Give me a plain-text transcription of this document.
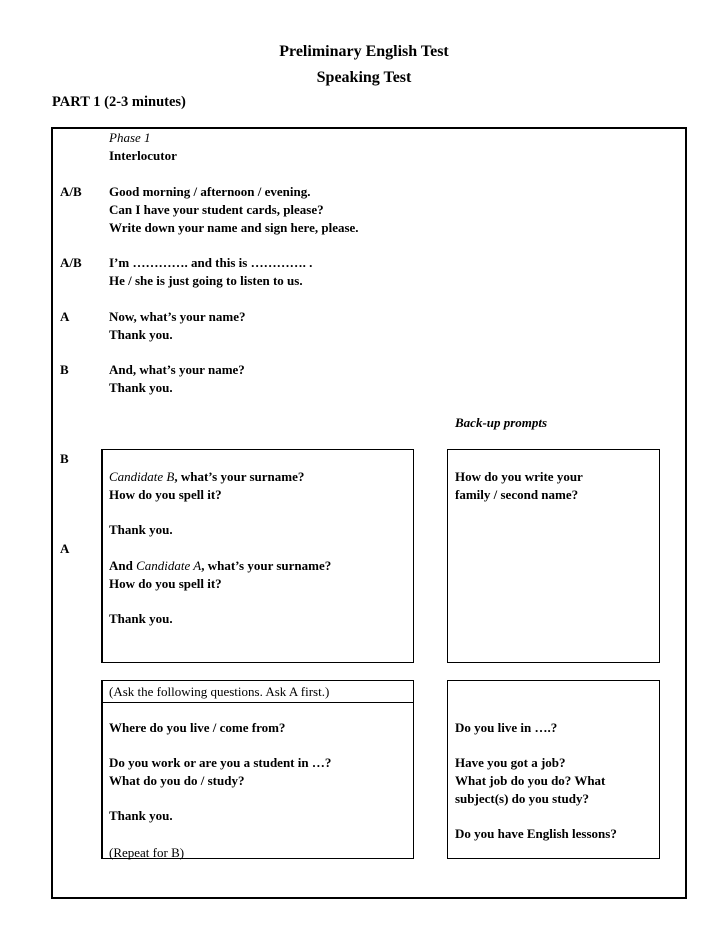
Preliminary English Test
Speaking Test
PART 1 (2-3 minutes)
Phase 1
Interlocutor
A/B Good morning / afternoon / evening.
Can I have your student cards, please?
Write down your name and sign here, please.
A/B I’m …………. and this is …………. .
He / she is just going to listen to us.
A	Now, what’s your name?
Thank you.
B	And, what’s your name?
Thank you.
Back-up prompts
B
A
Candidate B, what’s your surname?
How do you spell it?
Thank you.
And Candidate A, what’s your surname?
How do you spell it?
Thank you.
How do you write your
family / second name?
(Ask the following questions. Ask A first.)
Where do you live / come from?
Do you work or are you a student in …?
What do you do / study?
Thank you.
(Repeat for B)
Do you live in ….?
Have you got a job?
What job do you do? What
subject(s) do you study?
Do you have English lessons?
